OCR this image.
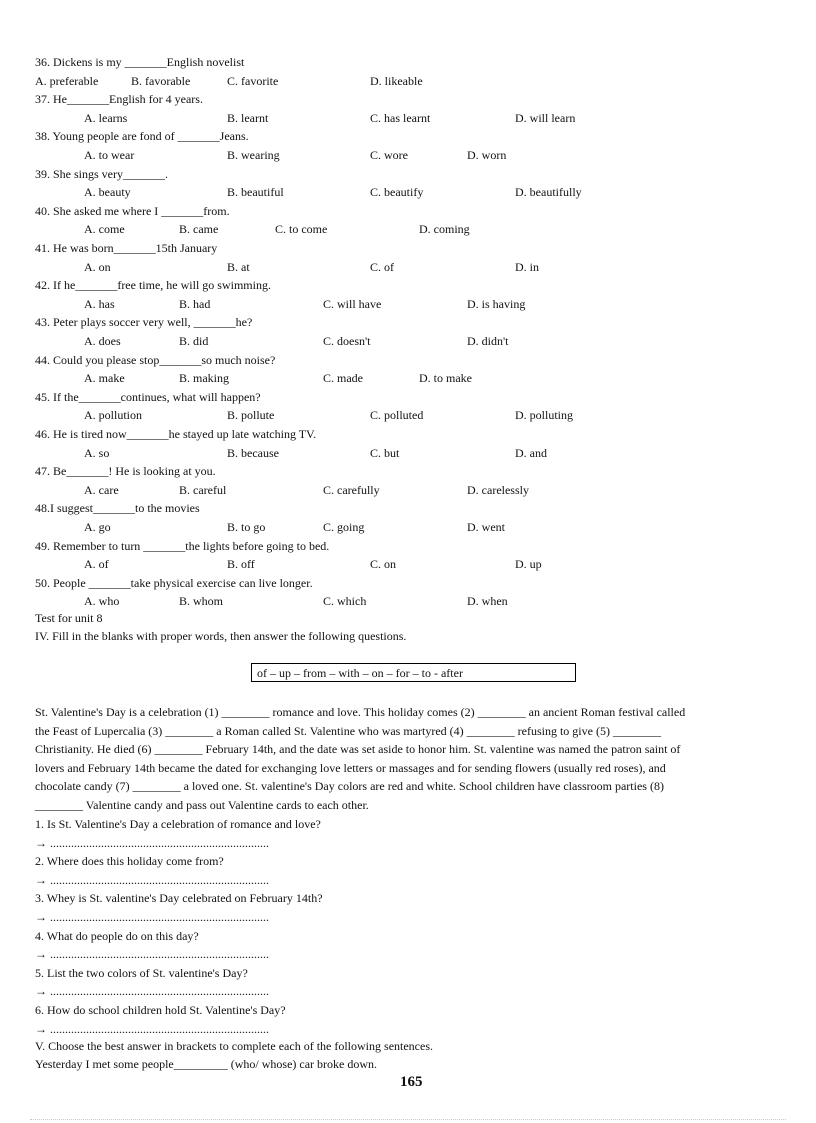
36. Dickens is my _______English novelist
A. preferable	B. favorable	C. favorite	D. likeable
37. He_______English for 4 years.
A. learns	B. learnt	C. has learnt	D. will learn
38. Young people are fond of _______Jeans.
A. to wear	B. wearing	C. wore	D. worn
39. She sings very_______.
A. beauty	B. beautiful	C. beautify	D. beautifully
40. She asked me where I _______from.
A. come	B. came	C. to come	D. coming
41. He was born_______15th January
A. on	B. at	C. of	D. in
42. If he_______free time, he will go swimming.
A. has	B. had	C. will have	D. is having
43. Peter plays soccer very well, _______he?
A. does	B. did	C. doesn't	D. didn't
44. Could you please stop_______so much noise?
A. make	B. making	C. made	D. to make
45. If the_______continues, what will happen?
A. pollution	B. pollute	C. polluted	D. polluting
46. He is tired now_______he stayed up late watching TV.
A. so	B. because	C. but	D. and
47. Be_______! He is looking at you.
A. care	B. careful	C. carefully	D. carelessly
48.I suggest_______to the movies
A. go	B. to go	C. going	D. went
49. Remember to turn _______the lights before going to bed.
A. of	B. off	C. on	D. up
50. People _______take physical exercise can live longer.
A. who	B. whom	C. which	D. when
Test for unit 8
IV. Fill in the blanks with proper words, then answer the following questions.
of – up – from – with – on – for – to - after
St. Valentine's Day is a celebration (1) ________ romance and love. This holiday comes (2) ________ an ancient Roman festival called
the Feast of Lupercalia (3) ________ a Roman called St. Valentine who was martyred (4) ________ refusing to give (5) ________
Christianity. He died (6) ________ February 14th, and the date was set aside to honor him. St. valentine was named the patron saint of
lovers and February 14th became the dated for exchanging love letters or massages and for sending flowers (usually red roses), and
chocolate candy (7) ________ a loved one. St. valentine's Day colors are red and white. School children have classroom parties (8)
________ Valentine candy and pass out Valentine cards to each other.
1. Is St. Valentine's Day a celebration of romance and love?
→ .........................................................................
2. Where does this holiday come from?
→ .........................................................................
3. Whey is St. valentine's Day celebrated on February 14th?
→ .........................................................................
4. What do people do on this day?
→ .........................................................................
5. List the two colors of St. valentine's Day?
→ .........................................................................
6. How do school children hold St. Valentine's Day?
→ .........................................................................
V. Choose the best answer in brackets to complete each of the following sentences.
Yesterday I met some people_________ (who/ whose) car broke down.
165
